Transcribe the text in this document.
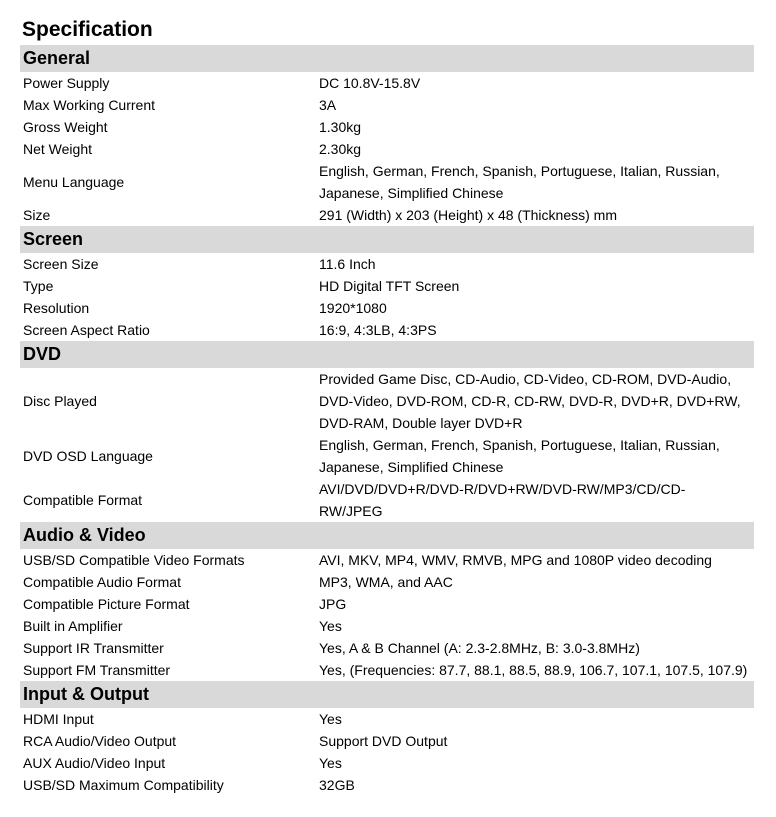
Specification
General	
Power Supply	DC 10.8V-15.8V
Max Working Current	3A
Gross Weight	1.30kg
Net Weight	2.30kg
Menu Language	English, German, French, Spanish, Portuguese, Italian, Russian, Japanese, Simplified Chinese
Size	291 (Width) x 203 (Height) x 48 (Thickness) mm
Screen	
Screen Size	11.6 Inch
Type	HD Digital TFT Screen
Resolution	1920*1080
Screen Aspect Ratio	16:9, 4:3LB, 4:3PS
DVD	
Disc Played	Provided Game Disc, CD-Audio, CD-Video, CD-ROM, DVD-Audio, DVD-Video, DVD-ROM, CD-R, CD-RW, DVD-R, DVD+R, DVD+RW, DVD-RAM, Double layer DVD+R
DVD OSD Language	English, German, French, Spanish, Portuguese, Italian, Russian, Japanese, Simplified Chinese
Compatible Format	AVI/DVD/DVD+R/DVD-R/DVD+RW/DVD-RW/MP3/CD/CD-RW/JPEG
Audio & Video	
USB/SD Compatible Video Formats	AVI, MKV, MP4, WMV, RMVB, MPG and 1080P video decoding
Compatible Audio Format	MP3, WMA, and AAC
Compatible Picture Format	JPG
Built in Amplifier	Yes
Support IR Transmitter	Yes, A & B Channel (A: 2.3-2.8MHz, B: 3.0-3.8MHz)
Support FM Transmitter	Yes, (Frequencies: 87.7, 88.1, 88.5, 88.9, 106.7, 107.1, 107.5, 107.9)
Input & Output	
HDMI Input	Yes
RCA Audio/Video Output	Support DVD Output
AUX Audio/Video Input	Yes
USB/SD Maximum Compatibility	32GB
